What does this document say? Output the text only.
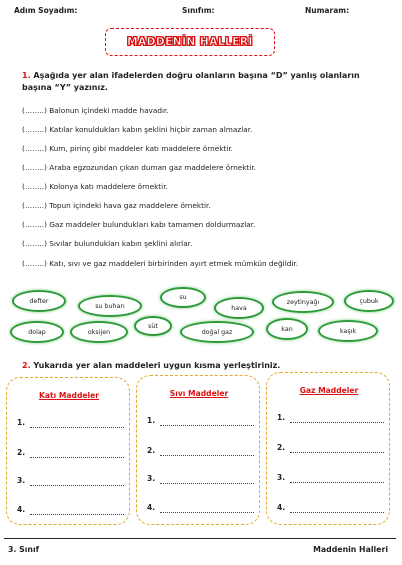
Adım Soyadım:	Sınıfım:	Numaram:
MADDENİN HALLERİ
1. Aşağıda yer alan ifadelerden doğru olanların başına “D” yanlış olanların
başına “Y” yazınız.
(……..) Balonun içindeki madde havadır.
(……..) Katılar konuldukları kabın şeklini hiçbir zaman almazlar.
(……..) Kum, pirinç gibi maddeler katı maddelere örnektir.
(……..) Araba egzozundan çıkan duman gaz maddelere örnektir.
(……..) Kolonya katı maddelere örnektir.
(……..) Topun içindeki hava gaz maddelere örnektir.
(……..) Gaz maddeler bulundukları kabı tamamen doldurmazlar.
(……..) Sıvılar bulundukları kabın şeklini alırlar.
(……..) Katı, sıvı ve gaz maddeleri birbirinden ayırt etmek mümkün değildir.
defter
su buharı
su
hava
zeytinyağı	çubuk
dolap	oksijen
süt
doğal gaz	kan	kaşık
2. Yukarıda yer alan maddeleri uygun kısma yerleştiriniz.
Katı Maddeler
1.
2.
3.
4.
Sıvı Maddeler
1.
2.
3.
4.
Gaz Maddeler
1.
2.
3.
4.
3. Sınıf	Maddenin Halleri
